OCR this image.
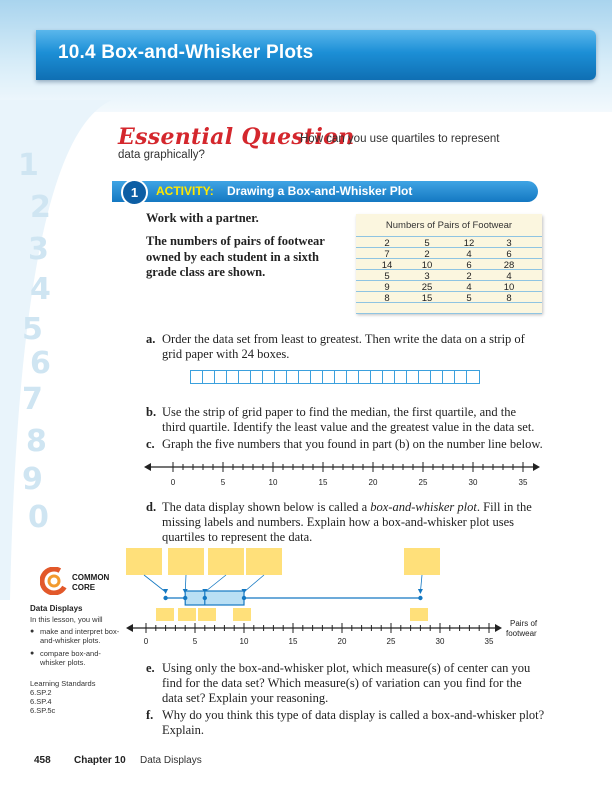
10.4 Box-and-Whisker Plots
1
2
3
4
5
6
7
8
9
0
Essential Question
How can you use quartiles to represent
data graphically?
1	ACTIVITY: Drawing a Box-and-Whisker Plot
Work with a partner.
The numbers of pairs of footwear owned by each student in a sixth grade class are shown.
Numbers of Pairs of Footwear
2	5	12	3
7	2	4	6
14	10	6	28
5	3	2	4
9	25	4	10
8	15	5	8
a. Order the data set from least to greatest. Then write the data on a strip of
grid paper with 24 boxes.
b. Use the strip of grid paper to find the median, the first quartile, and the
third quartile. Identify the least value and the greatest value in the data set.
c. Graph the five numbers that you found in part (b) on the number line below.
0	5	10	15	20	25	30	35
d. The data display shown below is called a box-and-whisker plot. Fill in the
missing labels and numbers. Explain how a box-and-whisker plot uses
quartiles to represent the data.
0	5	10	15	20	25	30	35
Pairs of
footwear
e. Using only the box-and-whisker plot, which measure(s) of center can you
find for the data set? Which measure(s) of variation can you find for the
data set? Explain your reasoning.
f. Why do you think this type of data display is called a box-and-whisker plot?
Explain.
COMMON
CORE
Data Displays
In this lesson, you will
● make and interpret box-and-whisker plots.
● compare box-and-whisker plots.
Learning Standards
6.SP.2
6.SP.4
6.SP.5c
458 Chapter 10 Data Displays
